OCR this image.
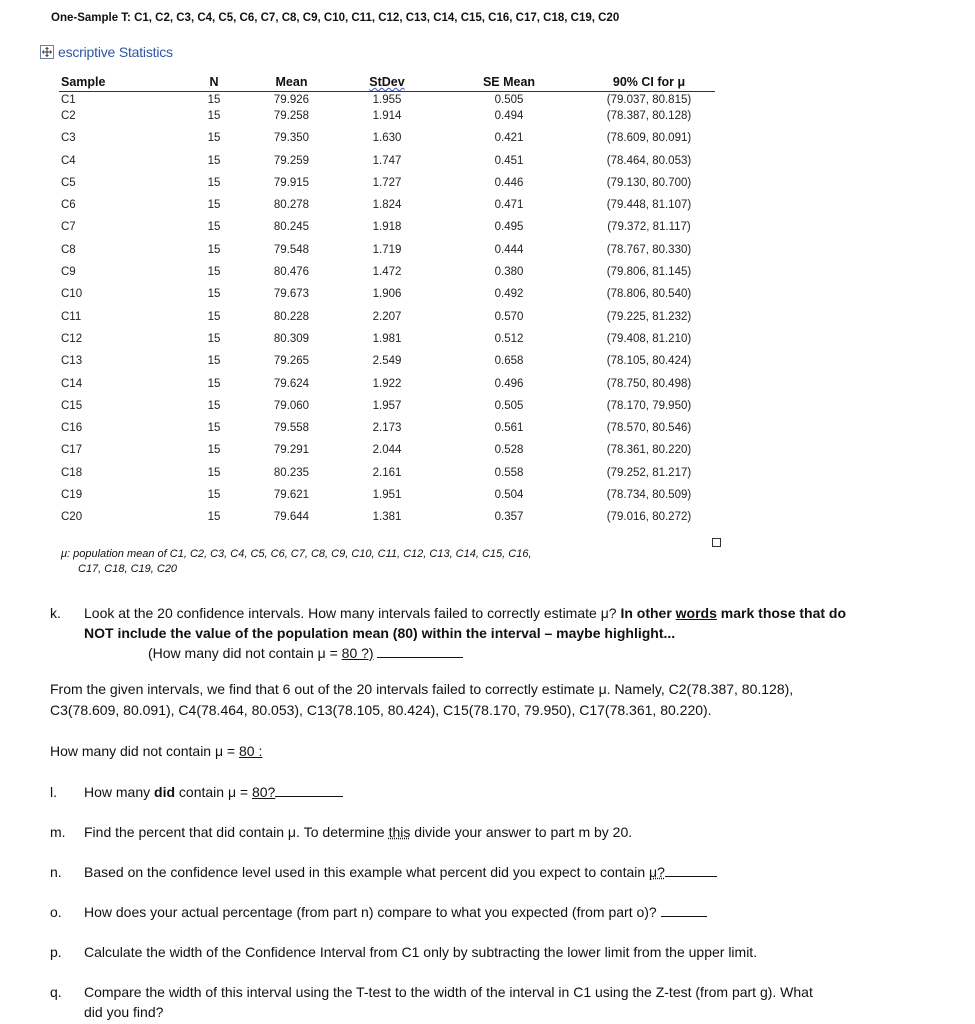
One-Sample T: C1, C2, C3, C4, C5, C6, C7, C8, C9, C10, C11, C12, C13, C14, C15, C16, C17, C18, C19, C20
escriptive Statistics
Sample	N	Mean	StDev	SE Mean	90% CI for μ
C1	15	79.926	1.955	0.505	(79.037, 80.815)
C2	15	79.258	1.914	0.494	(78.387, 80.128)
C3	15	79.350	1.630	0.421	(78.609, 80.091)
C4	15	79.259	1.747	0.451	(78.464, 80.053)
C5	15	79.915	1.727	0.446	(79.130, 80.700)
C6	15	80.278	1.824	0.471	(79.448, 81.107)
C7	15	80.245	1.918	0.495	(79.372, 81.117)
C8	15	79.548	1.719	0.444	(78.767, 80.330)
C9	15	80.476	1.472	0.380	(79.806, 81.145)
C10	15	79.673	1.906	0.492	(78.806, 80.540)
C11	15	80.228	2.207	0.570	(79.225, 81.232)
C12	15	80.309	1.981	0.512	(79.408, 81.210)
C13	15	79.265	2.549	0.658	(78.105, 80.424)
C14	15	79.624	1.922	0.496	(78.750, 80.498)
C15	15	79.060	1.957	0.505	(78.170, 79.950)
C16	15	79.558	2.173	0.561	(78.570, 80.546)
C17	15	79.291	2.044	0.528	(78.361, 80.220)
C18	15	80.235	2.161	0.558	(79.252, 81.217)
C19	15	79.621	1.951	0.504	(78.734, 80.509)
C20	15	79.644	1.381	0.357	(79.016, 80.272)
μ: population mean of C1, C2, C3, C4, C5, C6, C7, C8, C9, C10, C11, C12, C13, C14, C15, C16,
C17, C18, C19, C20
k. Look at the 20 confidence intervals. How many intervals failed to correctly estimate μ? In other words mark those that do
NOT include the value of the population mean (80) within the interval – maybe highlight...
(How many did not contain μ = 80 ?)
From the given intervals, we find that 6 out of the 20 intervals failed to correctly estimate μ. Namely, C2(78.387, 80.128),
C3(78.609, 80.091), C4(78.464, 80.053), C13(78.105, 80.424), C15(78.170, 79.950), C17(78.361, 80.220).
How many did not contain μ = 80 :
l. How many did contain μ = 80?
m. Find the percent that did contain μ. To determine this divide your answer to part m by 20.
n. Based on the confidence level used in this example what percent did you expect to contain μ?
o. How does your actual percentage (from part n) compare to what you expected (from part o)?
p. Calculate the width of the Confidence Interval from C1 only by subtracting the lower limit from the upper limit.
q. Compare the width of this interval using the T-test to the width of the interval in C1 using the Z-test (from part g). What
did you find?
